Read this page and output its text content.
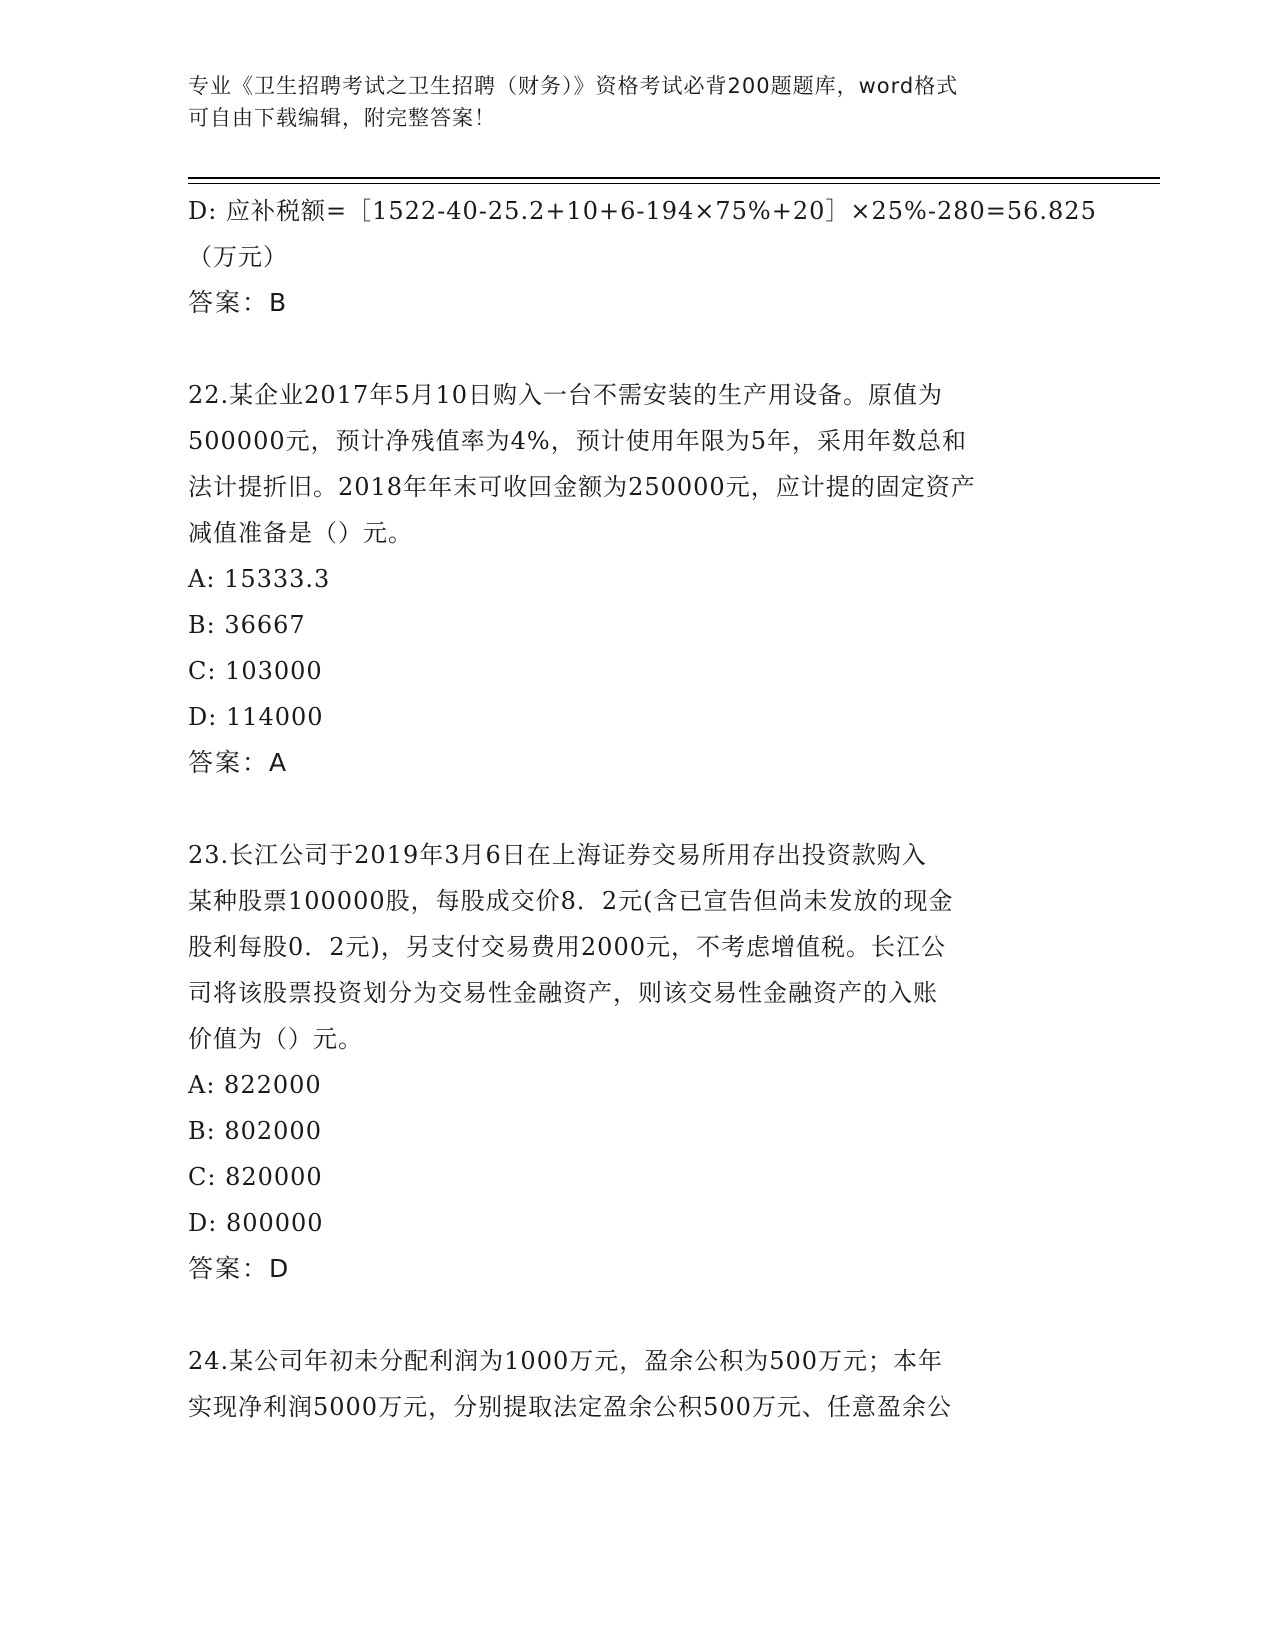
专业《卫生招聘考试之卫生招聘（财务）》资格考试必背200题题库，word格式
可自由下载编辑，附完整答案！
D: 应补税额=［1522-40-25.2+10+6-194×75%+20］×25%-280=56.825
（万元）
答案：B
22.某企业2017年5月10日购入一台不需安装的生产用设备。原值为
500000元，预计净残值率为4%，预计使用年限为5年，采用年数总和
法计提折旧。2018年年末可收回金额为250000元，应计提的固定资产
减值准备是（）元。
A: 15333.3
B: 36667
C: 103000
D: 114000
答案：A
23.长江公司于2019年3月6日在上海证券交易所用存出投资款购入
某种股票100000股，每股成交价8．2元(含已宣告但尚未发放的现金
股利每股0．2元)，另支付交易费用2000元，不考虑增值税。长江公
司将该股票投资划分为交易性金融资产，则该交易性金融资产的入账
价值为（）元。
A: 822000
B: 802000
C: 820000
D: 800000
答案：D
24.某公司年初未分配利润为1000万元，盈余公积为500万元；本年
实现净利润5000万元，分别提取法定盈余公积500万元、任意盈余公
